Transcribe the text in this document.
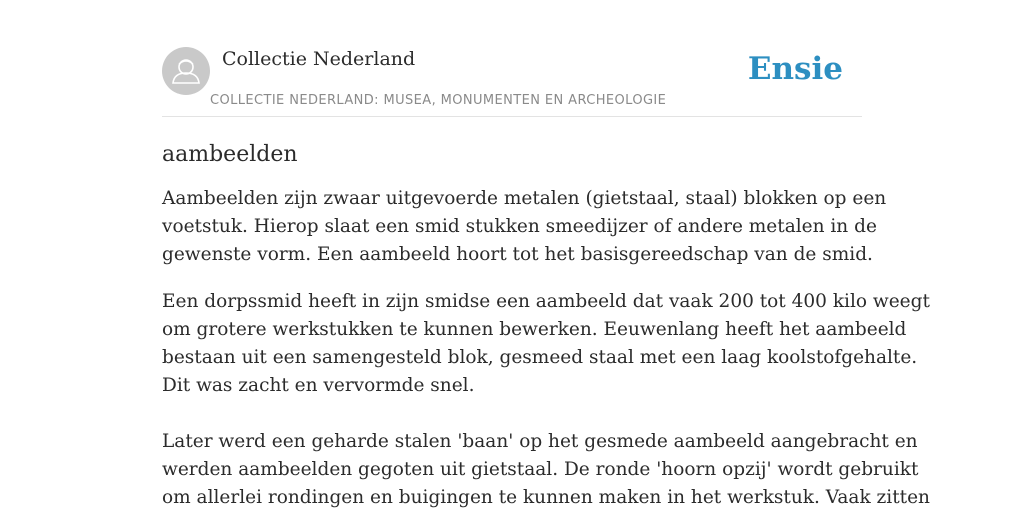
Collectie Nederland
COLLECTIE NEDERLAND: MUSEA, MONUMENTEN EN ARCHEOLOGIE
Ensie
aambeelden

Aambeelden zijn zwaar uitgevoerde metalen (gietstaal, staal) blokken op een
voetstuk. Hierop slaat een smid stukken smeedijzer of andere metalen in de
gewenste vorm. Een aambeeld hoort tot het basisgereedschap van de smid.

Een dorpssmid heeft in zijn smidse een aambeeld dat vaak 200 tot 400 kilo weegt
om grotere werkstukken te kunnen bewerken. Eeuwenlang heeft het aambeeld
bestaan uit een samengesteld blok, gesmeed staal met een laag koolstofgehalte.
Dit was zacht en vervormde snel.

Later werd een geharde stalen 'baan' op het gesmede aambeeld aangebracht en
werden aambeelden gegoten uit gietstaal. De ronde 'hoorn opzij' wordt gebruikt
om allerlei rondingen en buigingen te kunnen maken in het werkstuk. Vaak zitten
